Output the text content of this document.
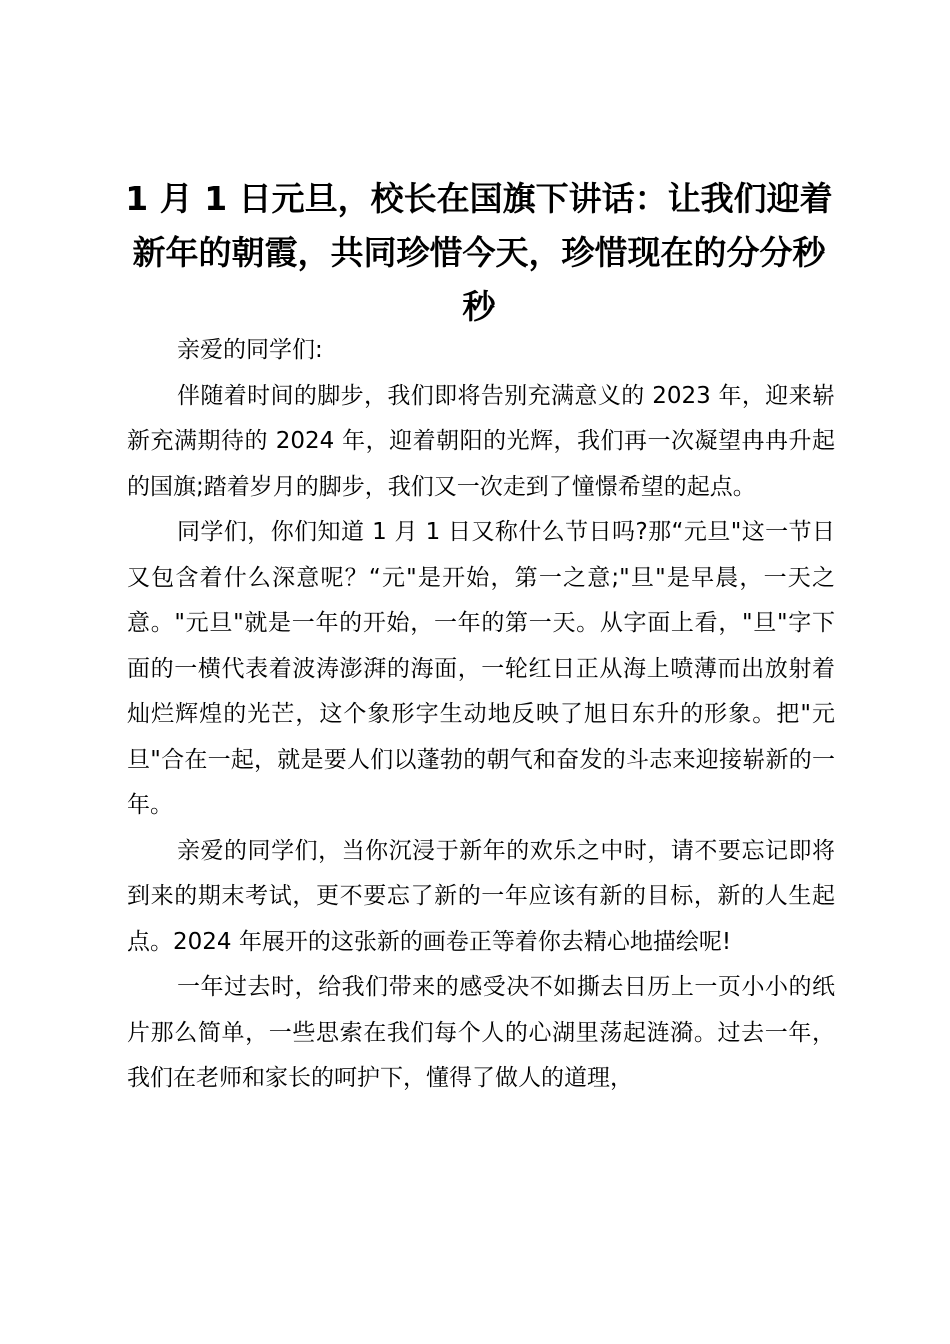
1 月 1 日元旦，校长在国旗下讲话：让我们迎着新年的朝霞，共同珍惜今天，珍惜现在的分分秒秒

亲爱的同学们:

伴随着时间的脚步，我们即将告别充满意义的 2023 年，迎来崭新充满期待的 2024 年，迎着朝阳的光辉，我们再一次凝望冉冉升起的国旗;踏着岁月的脚步，我们又一次走到了憧憬希望的起点。

同学们，你们知道 1 月 1 日又称什么节日吗?那“元旦"这一节日又包含着什么深意呢？“元"是开始，第一之意;"旦"是早晨，一天之意。"元旦"就是一年的开始，一年的第一天。从字面上看，"旦"字下面的一横代表着波涛澎湃的海面，一轮红日正从海上喷薄而出放射着灿烂辉煌的光芒，这个象形字生动地反映了旭日东升的形象。把"元旦"合在一起，就是要人们以蓬勃的朝气和奋发的斗志来迎接崭新的一年。

亲爱的同学们，当你沉浸于新年的欢乐之中时，请不要忘记即将到来的期末考试，更不要忘了新的一年应该有新的目标，新的人生起点。2024 年展开的这张新的画卷正等着你去精心地描绘呢!

一年过去时，给我们带来的感受决不如撕去日历上一页小小的纸片那么简单，一些思索在我们每个人的心湖里荡起涟漪。过去一年，我们在老师和家长的呵护下，懂得了做人的道理，
